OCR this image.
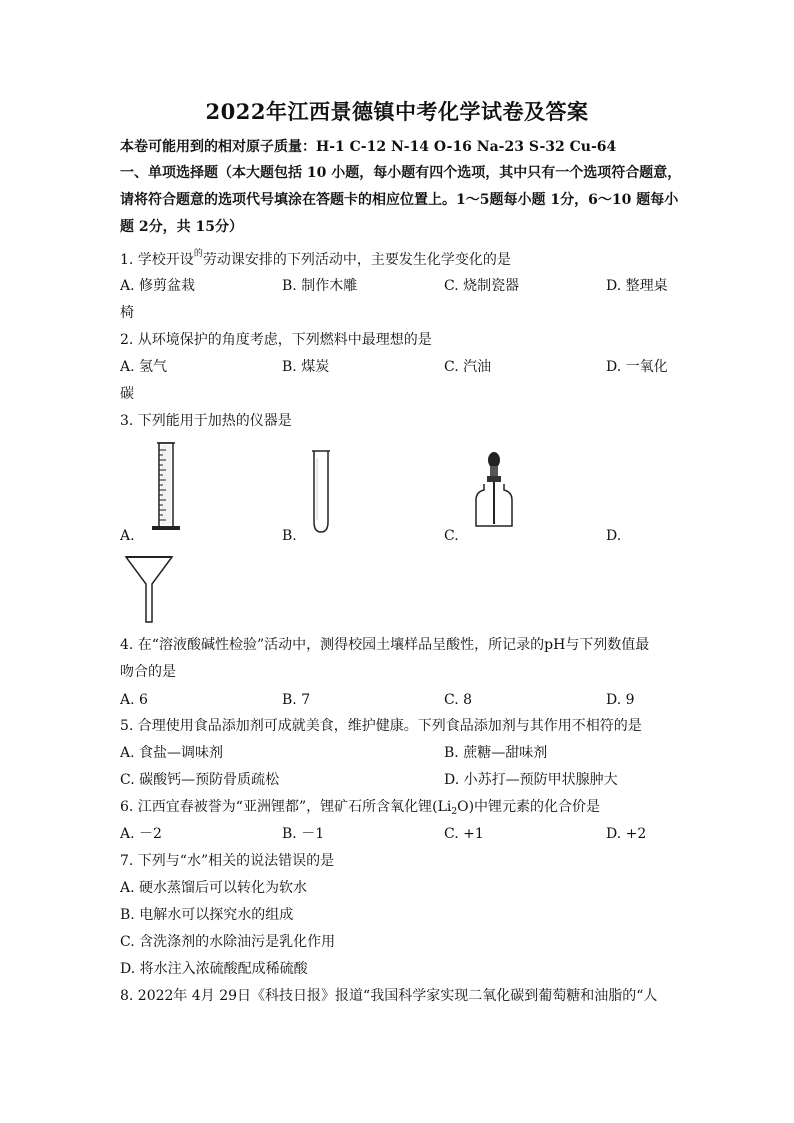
2022年江西景德镇中考化学试卷及答案
本卷可能用到的相对原子质量：H-1 C-12 N-14 O-16 Na-23 S-32 Cu-64
一、单项选择题（本大题包括 10 小题，每小题有四个选项，其中只有一个选项符合题意，
请将符合题意的选项代号填涂在答题卡的相应位置上。1～5题每小题 1分，6～10 题每小
题 2分，共 15分）
1. 学校开设$^的$劳动课安排的下列活动中，主要发生化学变化的是
A. 修剪盆栽	B. 制作木雕	C. 烧制瓷器	D. 整理桌
椅
2. 从环境保护的角度考虑，下列燃料中最理想的是
A. 氢气	B. 煤炭	C. 汽油	D. 一氧化
碳
3. 下列能用于加热的仪器是
A.	B.	C.	D.
4. 在“溶液酸碱性检验”活动中，测得校园土壤样品呈酸性，所记录的pH与下列数值最
吻合的是
A. 6	B. 7	C. 8	D. 9
5. 合理使用食品添加剂可成就美食，维护健康。下列食品添加剂与其作用不相符的是
A. 食盐—调味剂	B. 蔗糖—甜味剂
C. 碳酸钙—预防骨质疏松	D. 小苏打—预防甲状腺肿大
6. 江西宜春被誉为“亚洲锂都”，锂矿石所含氧化锂$(Li_2O)$中锂元素的化合价是
A. －2	B. －1	C. +1	D. +2
7. 下列与“水”相关的说法错误的是
A. 硬水蒸馏后可以转化为软水
B. 电解水可以探究水的组成
C. 含洗涤剂的水除油污是乳化作用
D. 将水注入浓硫酸配成稀硫酸
8. 2022年 4月 29日《科技日报》报道“我国科学家实现二氧化碳到葡萄糖和油脂的“人
